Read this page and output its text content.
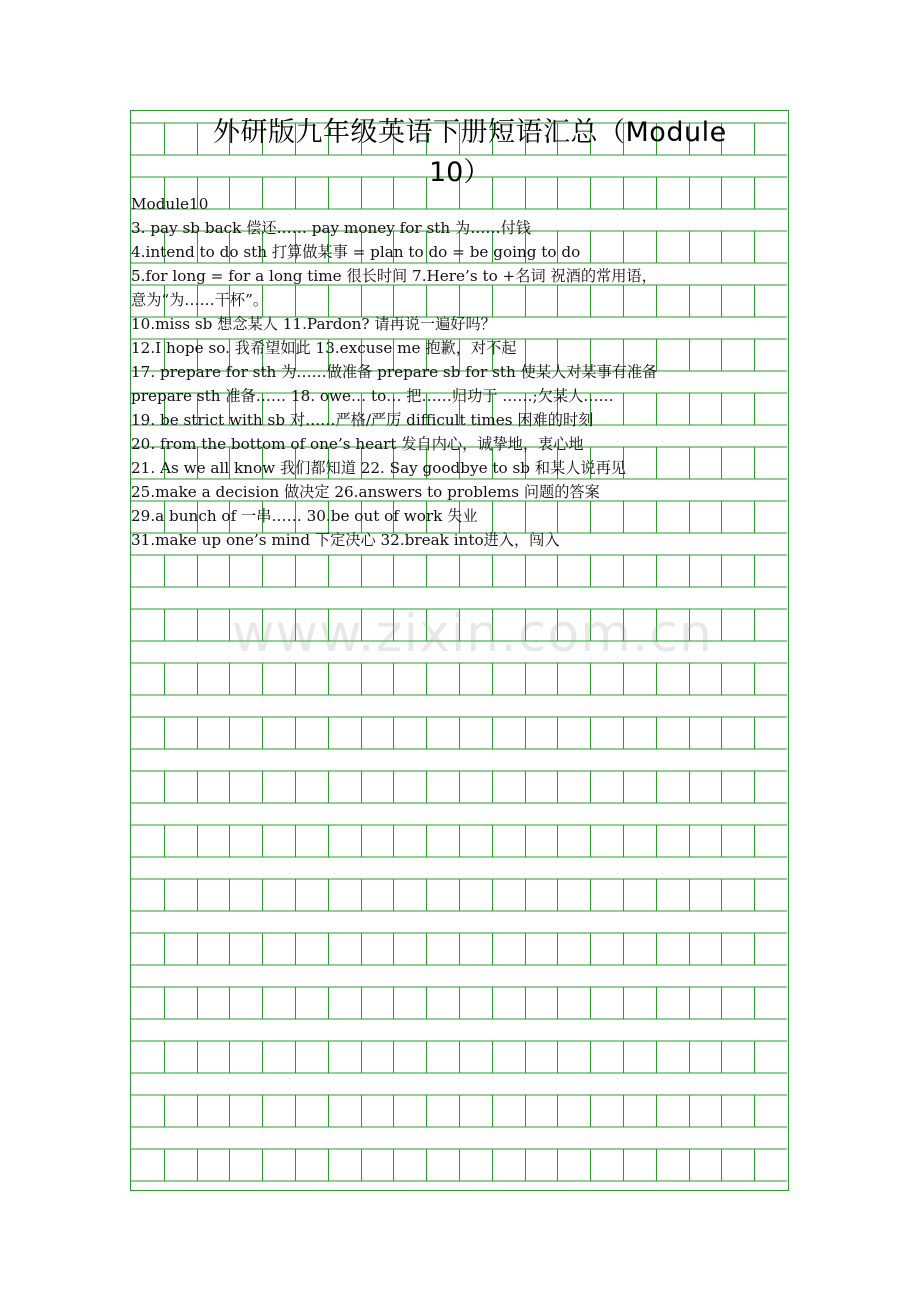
外研版九年级英语下册短语汇总（Module
10）
Module10
3. pay sb back 偿还…… pay money for sth 为……付钱
4.intend to do sth 打算做某事 = plan to do = be going to do
5.for long = for a long time 很长时间 7.Here’s to +名词 祝酒的常用语，
意为“为……干杯”。
10.miss sb 想念某人 11.Pardon? 请再说一遍好吗？
12.I hope so. 我希望如此 13.excuse me 抱歉，对不起
17. prepare for sth 为……做准备 prepare sb for sth 使某人对某事有准备
prepare sth 准备…… 18. owe… to… 把……归功于 ……;欠某人……
19. be strict with sb 对……严格/严厉 difficult times 困难的时刻
20. from the bottom of one’s heart 发自内心，诚挚地，衷心地
21. As we all know 我们都知道 22. Say goodbye to sb 和某人说再见
25.make a decision 做决定 26.answers to problems 问题的答案
29.a bunch of 一串…… 30.be out of work 失业
31.make up one’s mind 下定决心 32.break into进入，闯入
www.zixin.com.cn
